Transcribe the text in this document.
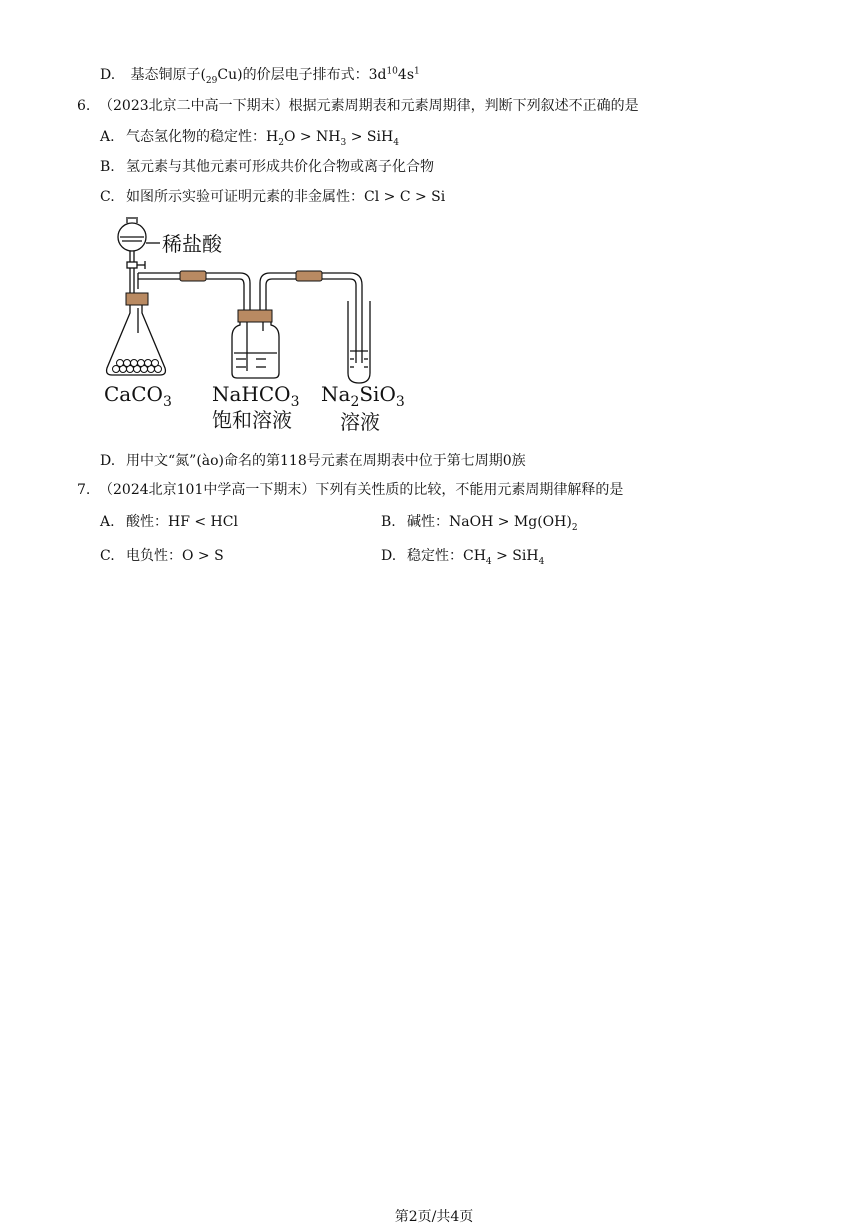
D. 基态铜原子$(_{29}Cu)$的价层电子排布式：$3d^{10}4s^1$
6. （2023北京二中高一下期末）根据元素周期表和元素周期律，判断下列叙述不正确的是
A. 气态氢化物的稳定性：$H_2O > NH_3 > SiH_4$
B. 氢元素与其他元素可形成共价化合物或离子化合物
C. 如图所示实验可证明元素的非金属性：Cl > C > Si
稀盐酸
CaCO$_3$ NaHCO$_3$
饱和溶液
$Na_2SiO_3$
溶液
D. 用中文“氮”(ào)命名的第118号元素在周期表中位于第七周期0族
7. （2024北京101中学高一下期末）下列有关性质的比较，不能用元素周期律解释的是
A. 酸性：HF < HCl	B. 碱性：NaOH > $Mg(OH)_2$
C. 电负性：O > S	D. 稳定性：$CH_4 > SiH_4$
第2页/共4页
